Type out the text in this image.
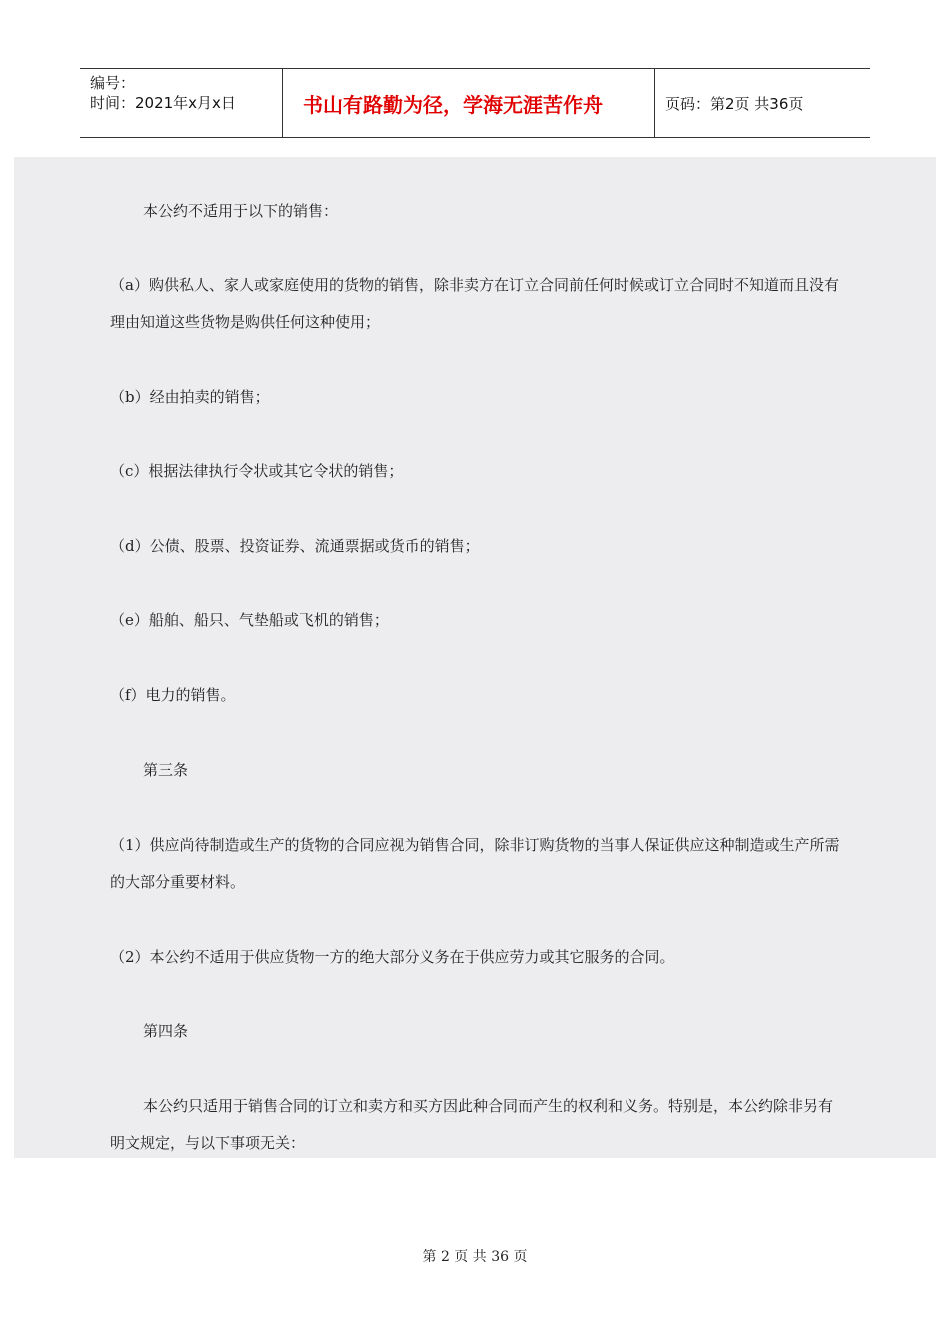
编号：
时间：2021年x月x日	书山有路勤为径，学海无涯苦作舟	页码：第2页 共36页
本公约不适用于以下的销售：
（a）购供私人、家人或家庭使用的货物的销售，除非卖方在订立合同前任何时候或订立合同时不知道而且没有理由知道这些货物是购供任何这种使用；
（b）经由拍卖的销售；
（c）根据法律执行令状或其它令状的销售；
（d）公债、股票、投资证券、流通票据或货币的销售；
（e）船舶、船只、气垫船或飞机的销售；
（f）电力的销售。
第三条
（1）供应尚待制造或生产的货物的合同应视为销售合同，除非订购货物的当事人保证供应这种制造或生产所需的大部分重要材料。
（2）本公约不适用于供应货物一方的绝大部分义务在于供应劳力或其它服务的合同。
第四条
本公约只适用于销售合同的订立和卖方和买方因此种合同而产生的权利和义务。特别是，本公约除非另有明文规定，与以下事项无关：
第 2 页 共 36 页
